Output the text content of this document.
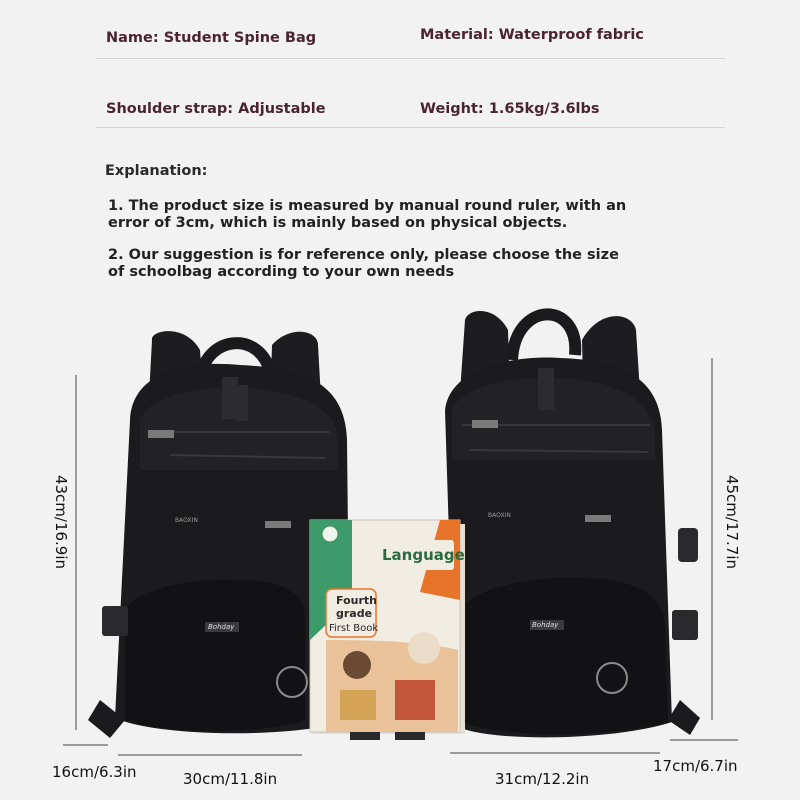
Name: Student Spine Bag	Material: Waterproof fabric
Shoulder strap: Adjustable	Weight: 1.65kg/3.6lbs
Explanation:
1. The product size is measured by manual round ruler, with an error of 3cm, which is mainly based on physical objects.
2. Our suggestion is for reference only, please choose the size of schoolbag according to your own needs
Language
Fourth
grade
First Book
Bohday	Bohday
BAOXIN
BAOXIN
43cm/16.9in	45cm/17.7in
16cm/6.3in	30cm/11.8in	31cm/12.2in
17cm/6.7in
